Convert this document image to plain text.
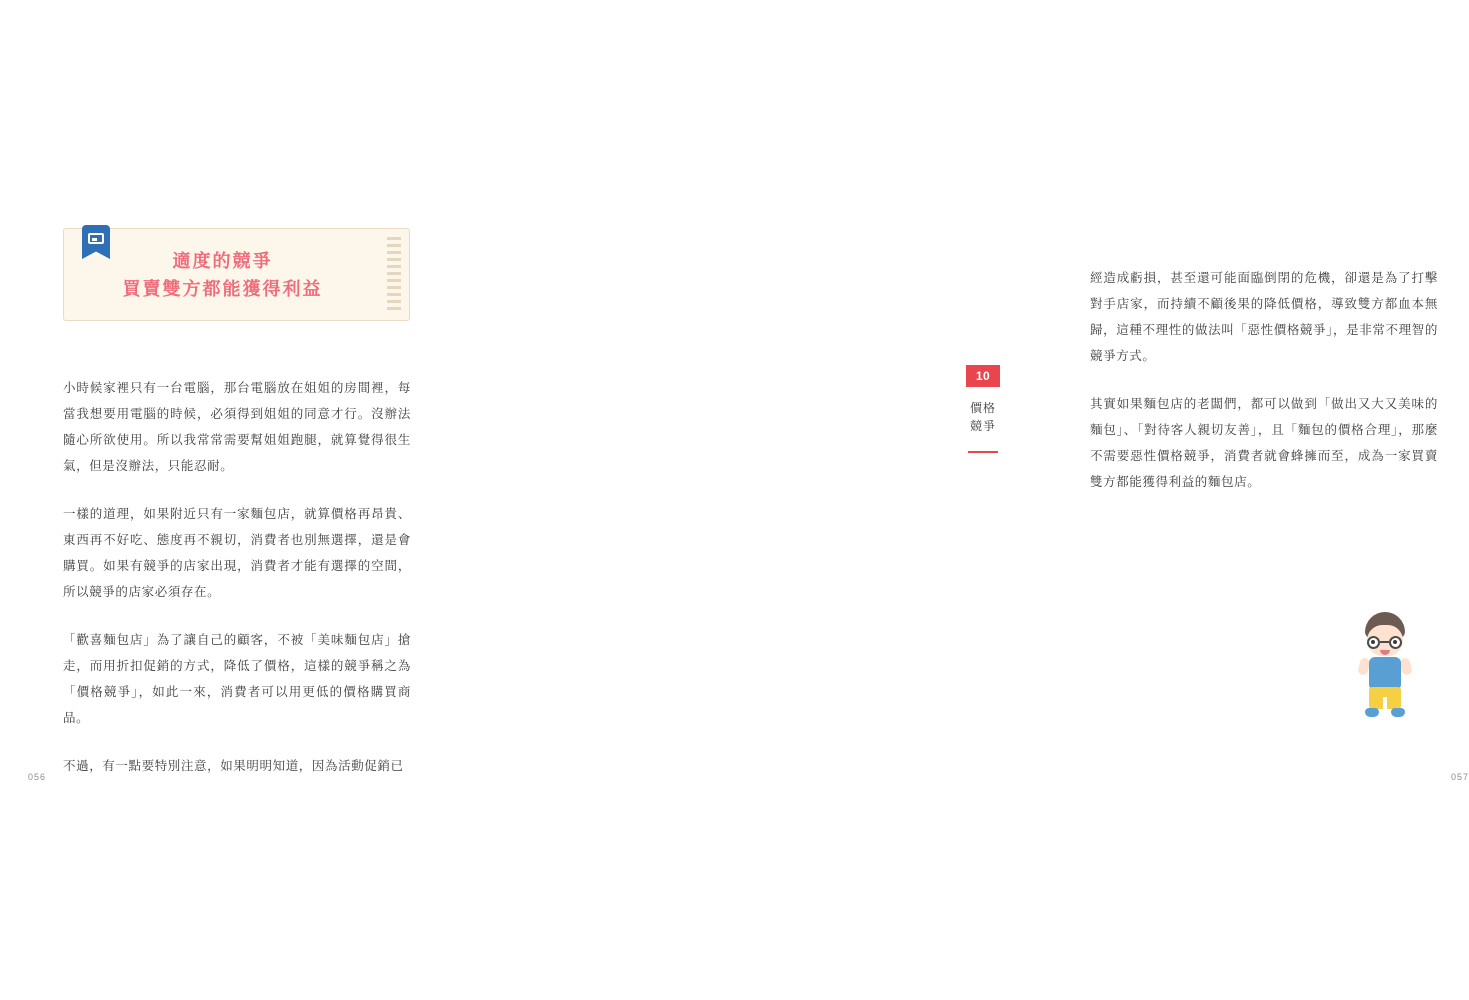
適度的競爭
買賣雙方都能獲得利益

小時候家裡只有一台電腦，那台電腦放在姐姐的房間裡，每當我想要用電腦的時候，必須得到姐姐的同意才行。沒辦法隨心所欲使用。所以我常常需要幫姐姐跑腿，就算覺得很生氣，但是沒辦法，只能忍耐。

一樣的道理，如果附近只有一家麵包店，就算價格再昂貴、東西再不好吃、態度再不親切，消費者也別無選擇，還是會購買。如果有競爭的店家出現，消費者才能有選擇的空間，所以競爭的店家必須存在。

「歡喜麵包店」為了讓自己的顧客，不被「美味麵包店」搶走，而用折扣促銷的方式，降低了價格，這樣的競爭稱之為「價格競爭」，如此一來，消費者可以用更低的價格購買商品。

不過，有一點要特別注意，如果明明知道，因為活動促銷已

056

經造成虧損，甚至還可能面臨倒閉的危機，卻還是為了打擊對手店家，而持續不顧後果的降低價格，導致雙方都血本無歸，這種不理性的做法叫「惡性價格競爭」，是非常不理智的競爭方式。

其實如果麵包店的老闆們，都可以做到「做出又大又美味的麵包」、「對待客人親切友善」，且「麵包的價格合理」，那麼不需要惡性價格競爭，消費者就會蜂擁而至，成為一家買賣雙方都能獲得利益的麵包店。

10
價格競爭
057
